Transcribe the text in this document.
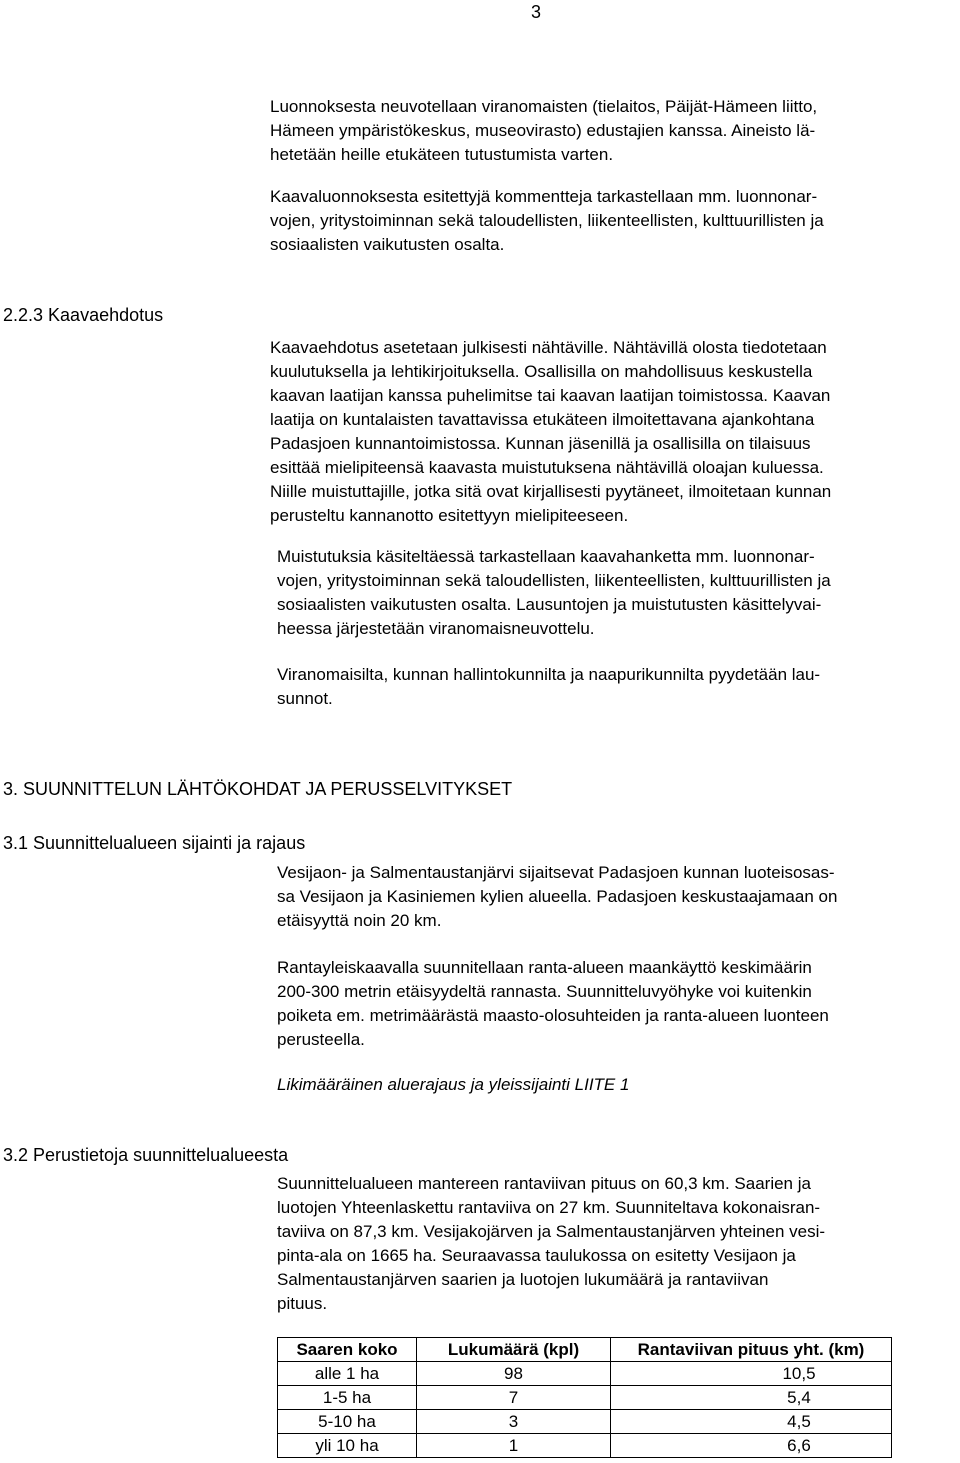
3
Luonnoksesta neuvotellaan viranomaisten (tielaitos, Päijät-Hämeen liitto,
Hämeen ympäristökeskus, museovirasto) edustajien kanssa. Aineisto lä-
hetetään heille etukäteen tutustumista varten.
Kaavaluonnoksesta esitettyjä kommentteja tarkastellaan mm. luonnonar-
vojen, yritystoiminnan sekä taloudellisten, liikenteellisten, kulttuurillisten ja
sosiaalisten vaikutusten osalta.
2.2.3 Kaavaehdotus
Kaavaehdotus asetetaan julkisesti nähtäville. Nähtävillä olosta tiedotetaan
kuulutuksella ja lehtikirjoituksella. Osallisilla on mahdollisuus keskustella
kaavan laatijan kanssa puhelimitse tai kaavan laatijan toimistossa. Kaavan
laatija on kuntalaisten tavattavissa etukäteen ilmoitettavana ajankohtana
Padasjoen kunnantoimistossa. Kunnan jäsenillä ja osallisilla on tilaisuus
esittää mielipiteensä kaavasta muistutuksena nähtävillä oloajan kuluessa.
Niille muistuttajille, jotka sitä ovat kirjallisesti pyytäneet, ilmoitetaan kunnan
perusteltu kannanotto esitettyyn mielipiteeseen.
Muistutuksia käsiteltäessä tarkastellaan kaavahanketta mm. luonnonar-
vojen, yritystoiminnan sekä taloudellisten, liikenteellisten, kulttuurillisten ja
sosiaalisten vaikutusten osalta. Lausuntojen ja muistutusten käsittelyvai-
heessa järjestetään viranomaisneuvottelu.
Viranomaisilta, kunnan hallintokunnilta ja naapurikunnilta pyydetään lau-
sunnot.
3. SUUNNITTELUN LÄHTÖKOHDAT JA PERUSSELVITYKSET
3.1 Suunnittelualueen sijainti ja rajaus
Vesijaon- ja Salmentaustanjärvi sijaitsevat Padasjoen kunnan luoteisosas-
sa Vesijaon ja Kasiniemen kylien alueella. Padasjoen keskustaajamaan on
etäisyyttä noin 20 km.
Rantayleiskaavalla suunnitellaan ranta-alueen maankäyttö keskimäärin
200-300 metrin etäisyydeltä rannasta. Suunnitteluvyöhyke voi kuitenkin
poiketa em. metrimäärästä maasto-olosuhteiden ja ranta-alueen luonteen
perusteella.
Likimääräinen aluerajaus ja yleissijainti LIITE 1
3.2 Perustietoja suunnittelualueesta
Suunnittelualueen mantereen rantaviivan pituus on 60,3 km. Saarien ja
luotojen Yhteenlaskettu rantaviiva on 27 km. Suunniteltava kokonaisran-
taviiva on 87,3 km. Vesijakojärven ja Salmentaustanjärven yhteinen vesi-
pinta-ala on 1665 ha. Seuraavassa taulukossa on esitetty Vesijaon ja
Salmentaustanjärven saarien ja luotojen lukumäärä ja rantaviivan
pituus.
Saaren koko	Lukumäärä (kpl)	Rantaviivan pituus yht. (km)
alle 1 ha	98	10,5
1-5 ha	7	5,4
5-10 ha	3	4,5
yli 10 ha	1	6,6
